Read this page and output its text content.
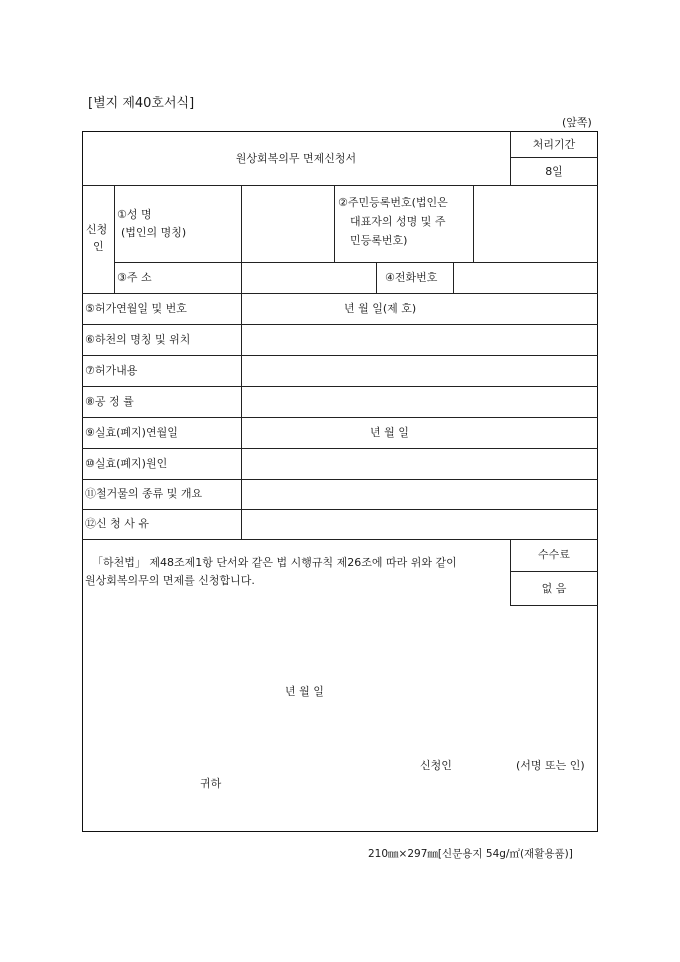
[별지 제40호서식]
(앞쪽)
원상회복의무 면제신청서
처리기간
8일
신청
인
①성 명
(법인의 명칭)
②주민등록번호(법인은
대표자의 성명 및 주
민등록번호)
③주 소	④전화번호
⑤허가연월일 및 번호	년 월 일(제 호)
⑥하천의 명칭 및 위치
⑦허가내용
⑧공 정 률
⑨실효(폐지)연월일	년 월 일
⑩실효(폐지)원인
⑪철거물의 종류 및 개요
⑫신 청 사 유
「하천법」 제48조제1항 단서와 같은 법 시행규칙 제26조에 따라 위와 같이
원상회복의무의 면제를 신청합니다.
수수료
없 음
년 월 일
신청인	(서명 또는 인)
귀하
210㎜×297㎜[신문용지 54g/㎡(재활용품)]
